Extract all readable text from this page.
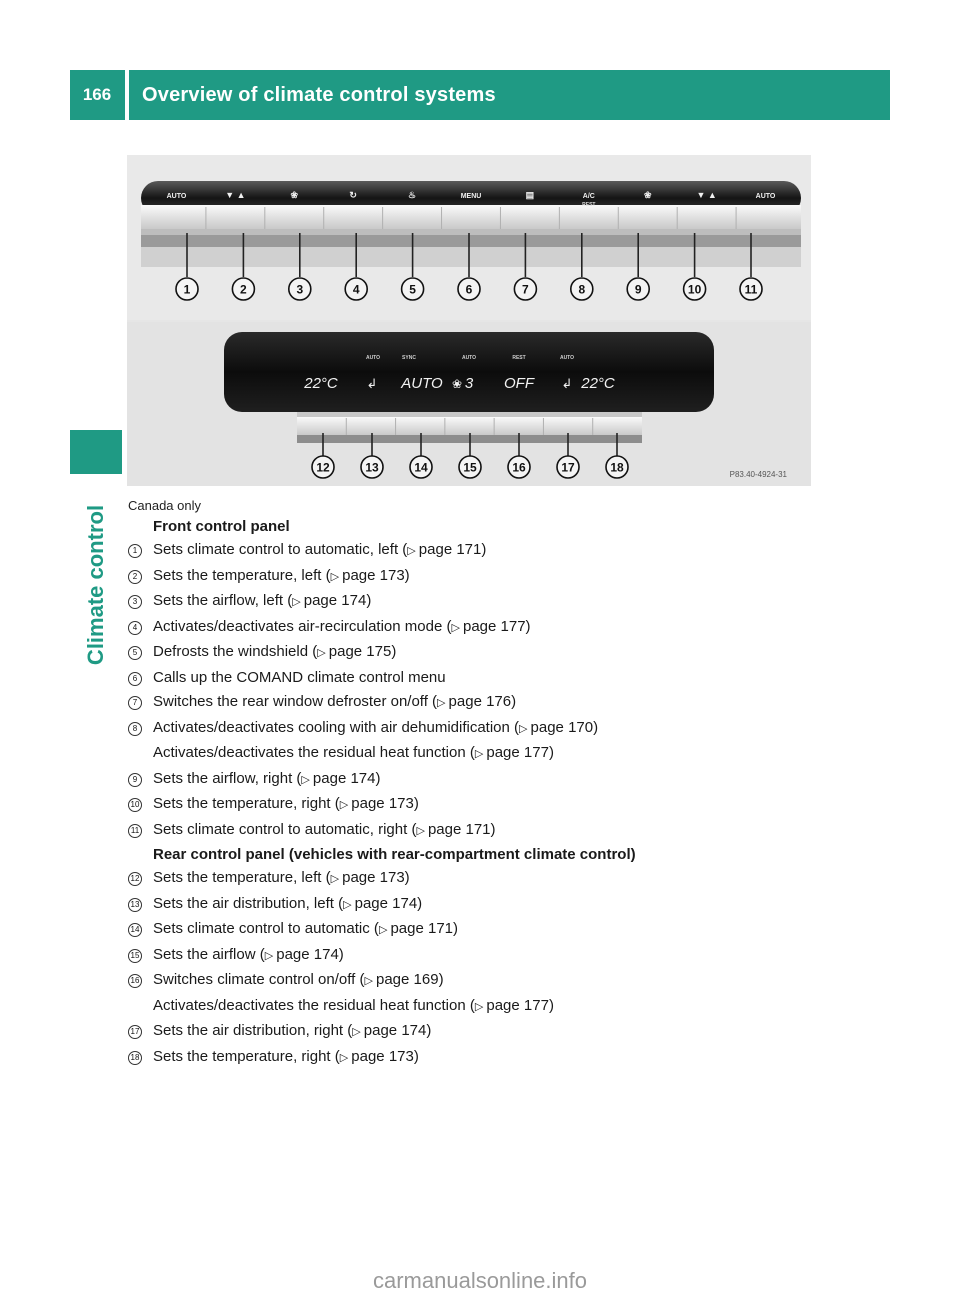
166	Overview of climate control systems
Climate control
AUTO	▼ ▲	❀	↻	♨	MENU	▤	A/C
REST
❀	▼ ▲	AUTO
1	2	3	4	5	6	7	8	9	10	11
AUTO	SYNC	AUTO	REST	AUTO
22°C	AUTO 3 OFF	22°C
↲	↲
❀
12	13	14	15	16	17	18	P83.40-4924-31
Canada only
Front control panel
1	Sets climate control to automatic, left (▷ page 171)
2	Sets the temperature, left (▷ page 173)
3	Sets the airflow, left (▷ page 174)
4	Activates/deactivates air-recirculation mode (▷ page 177)
5	Defrosts the windshield (▷ page 175)
6	Calls up the COMAND climate control menu
7	Switches the rear window defroster on/off (▷ page 176)
8	Activates/deactivates cooling with air dehumidification (▷ page 170)
Activates/deactivates the residual heat function (▷ page 177)
9	Sets the airflow, right (▷ page 174)
10 Sets the temperature, right (▷ page 173)
11 Sets climate control to automatic, right (▷ page 171)
Rear control panel (vehicles with rear-compartment climate control)
12 Sets the temperature, left (▷ page 173)
13 Sets the air distribution, left (▷ page 174)
14 Sets climate control to automatic (▷ page 171)
15 Sets the airflow (▷ page 174)
16 Switches climate control on/off (▷ page 169)
Activates/deactivates the residual heat function (▷ page 177)
17 Sets the air distribution, right (▷ page 174)
18 Sets the temperature, right (▷ page 173)
carmanualsonline.info
